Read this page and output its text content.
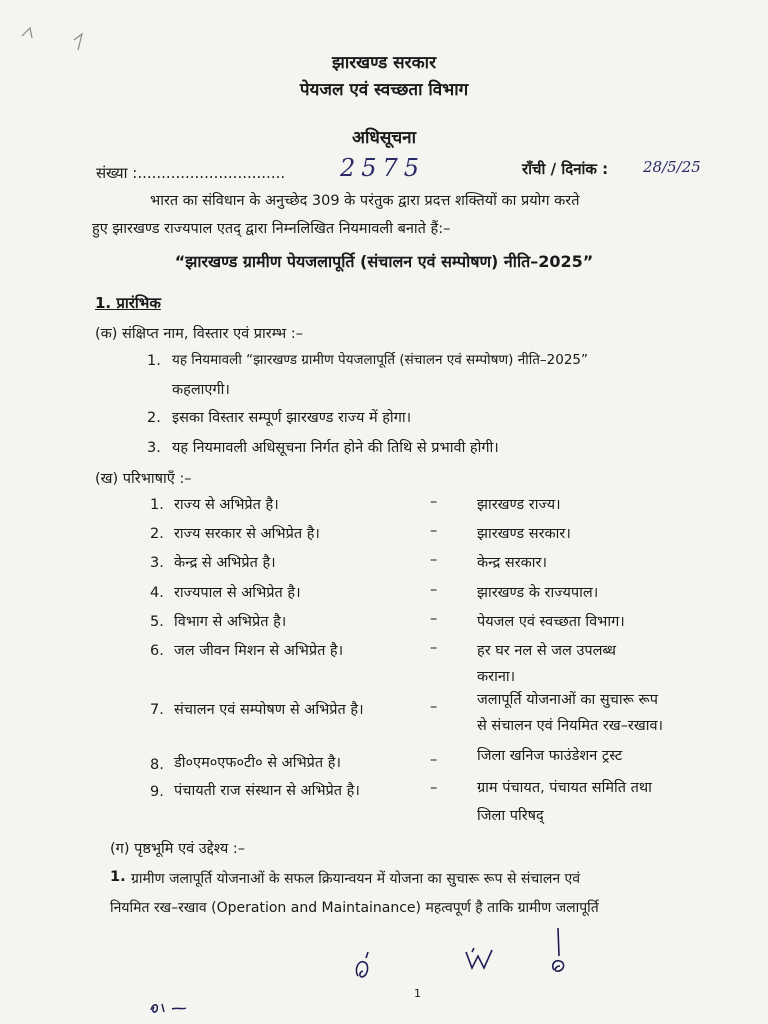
झारखण्ड सरकार
पेयजल एवं स्वच्छता विभाग
अधिसूचना
संख्या :............................... 2575	राँची / दिनांक : 28/5/25
भारत का संविधान के अनुच्छेद 309 के परंतुक द्वारा प्रदत्त शक्तियों का प्रयोग करते
हुए झारखण्ड राज्यपाल एतद् द्वारा निम्नलिखित नियमावली बनाते हैं:–
“झारखण्ड ग्रामीण पेयजलापूर्ति (संचालन एवं सम्पोषण) नीति–2025”
1. प्रारंभिक
(क) संक्षिप्त नाम, विस्तार एवं प्रारम्भ :–
1. यह नियमावली “झारखण्ड ग्रामीण पेयजलापूर्ति (संचालन एवं सम्पोषण) नीति–2025”
कहलाएगी।
2. इसका विस्तार सम्पूर्ण झारखण्ड राज्य में होगा।
3. यह नियमावली अधिसूचना निर्गत होने की तिथि से प्रभावी होगी।
(ख) परिभाषाएँ :–
1. राज्य से अभिप्रेत है।	–	झारखण्ड राज्य।
2. राज्य सरकार से अभिप्रेत है।	–	झारखण्ड सरकार।
3. केन्द्र से अभिप्रेत है।	–	केन्द्र सरकार।
4. राज्यपाल से अभिप्रेत है।	–	झारखण्ड के राज्यपाल।
5. विभाग से अभिप्रेत है।	–	पेयजल एवं स्वच्छता विभाग।
6. जल जीवन मिशन से अभिप्रेत है।	–	हर घर नल से जल उपलब्ध
कराना।
7. संचालन एवं सम्पोषण से अभिप्रेत है।	–	जलापूर्ति योजनाओं का सुचारू रूप
से संचालन एवं नियमित रख–रखाव।
8. डी०एम०एफ०टी० से अभिप्रेत है।	–	जिला खनिज फाउंडेशन ट्रस्ट
9. पंचायती राज संस्थान से अभिप्रेत है।	–	ग्राम पंचायत, पंचायत समिति तथा
जिला परिषद्
(ग) पृष्ठभूमि एवं उद्देश्य :–
1. ग्रामीण जलापूर्ति योजनाओं के सफल क्रियान्वयन में योजना का सुचारू रूप से संचालन एवं
नियमित रख–रखाव (Operation and Maintainance) महत्वपूर्ण है ताकि ग्रामीण जलापूर्ति
1
